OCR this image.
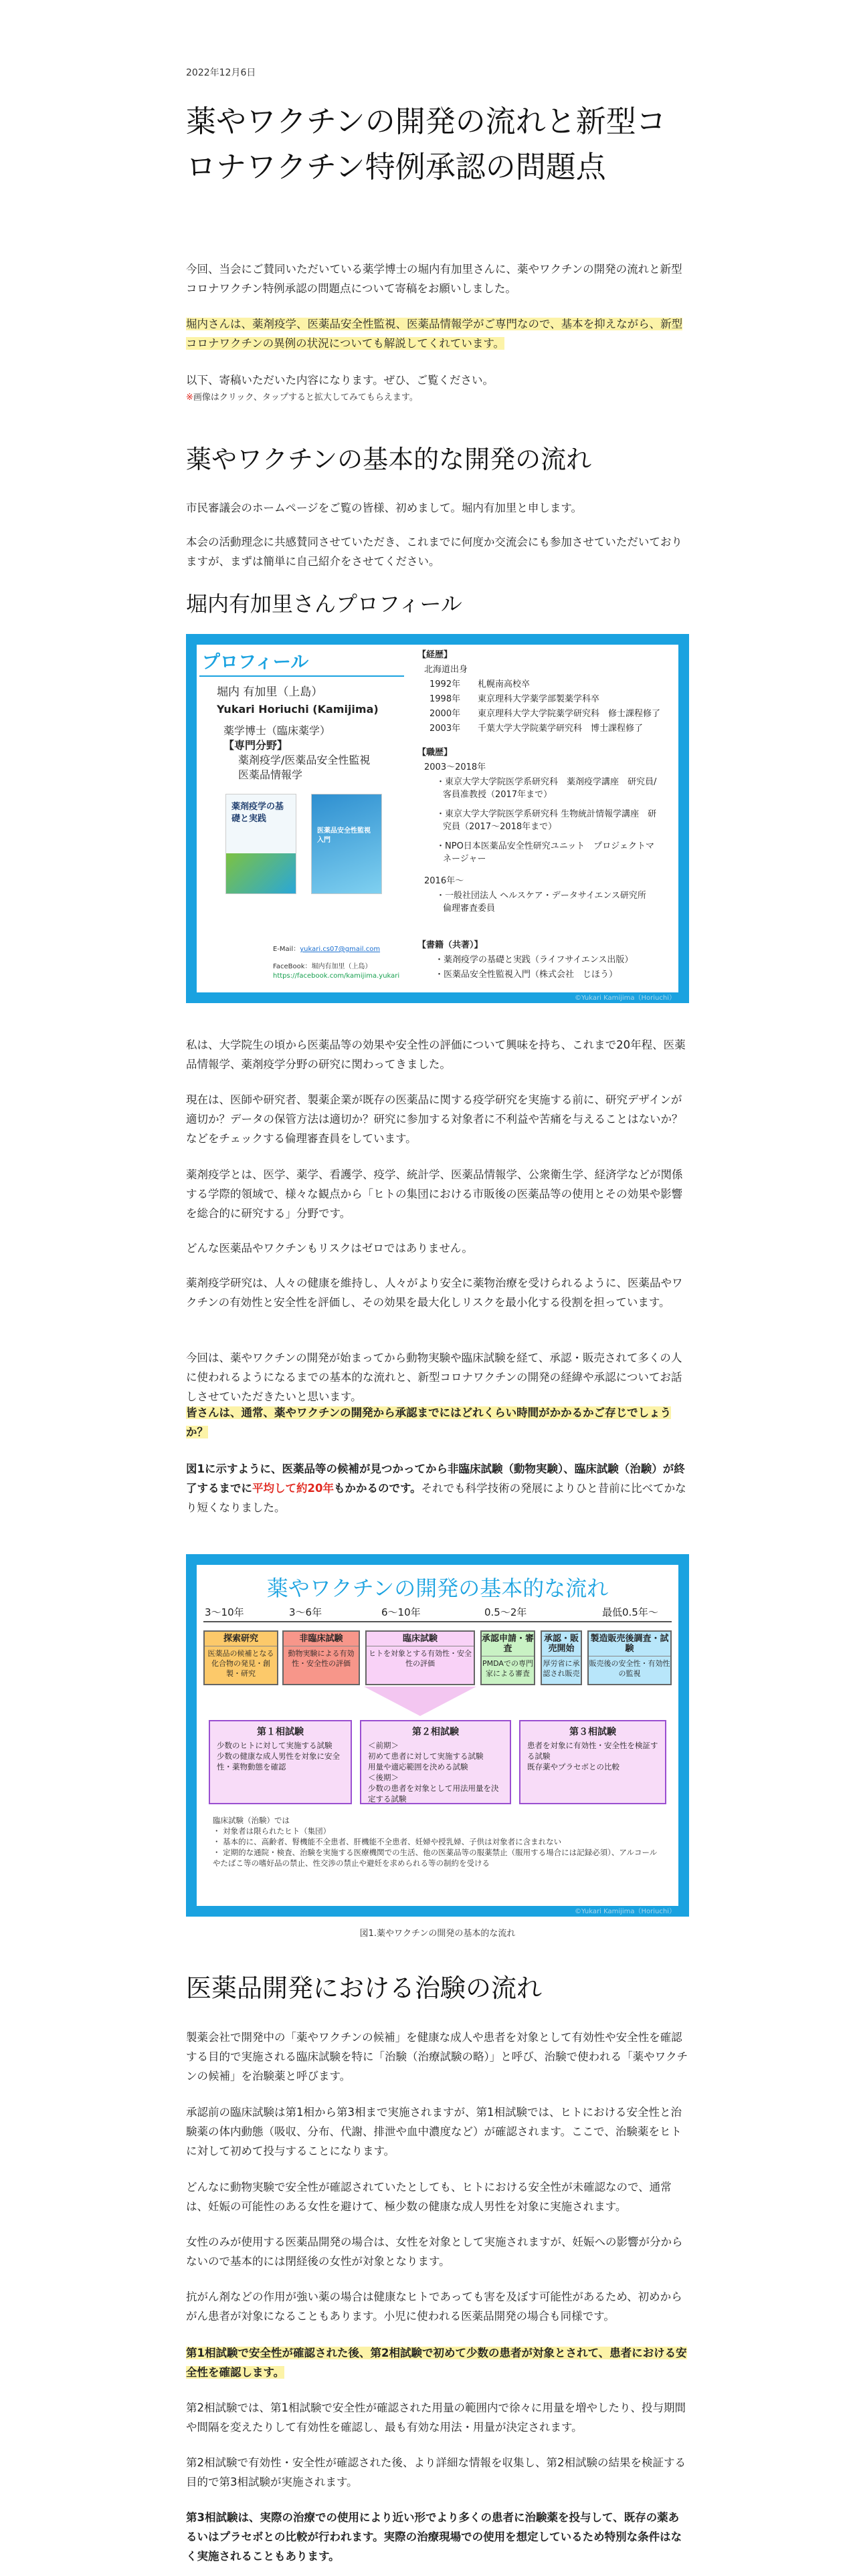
2022年12月6日
薬やワクチンの開発の流れと新型コロナワクチン特例承認の問題点

今回、当会にご賛同いただいている薬学博士の堀内有加里さんに、薬やワクチンの開発の流れと新型コロナワクチン特例承認の問題点について寄稿をお願いしました。

堀内さんは、薬剤疫学、医薬品安全性監視、医薬品情報学がご専門なので、基本を抑えながら、新型コロナワクチンの異例の状況についても解説してくれています。

以下、寄稿いただいた内容になります。ぜひ、ご覧ください。

※画像はクリック、タップすると拡大してみてもらえます。

薬やワクチンの基本的な開発の流れ

市民審議会のホームページをご覧の皆様、初めまして。堀内有加里と申します。

本会の活動理念に共感賛同させていただき、これまでに何度か交流会にも参加させていただいておりますが、まずは簡単に自己紹介をさせてください。

堀内有加里さんプロフィール
プロフィール
堀内 有加里（上島）
Yukari Horiuchi (Kamijima)
薬学博士（臨床薬学）
【専門分野】
薬剤疫学/医薬品安全性監視
医薬品情報学
薬剤疫学の基礎と実践
医薬品安全性監視入門
E-Mail：yukari.cs07@gmail.com
FaceBook：堀内有加里（上島）
https://facebook.com/kamijima.yukari
【経歴】
北海道出身
【職歴】
2003〜2018年
2016年〜
【書籍（共著）】
©Yukari Kamijima（Horiuchi）
1992年 札幌南高校卒
1998年 東京理科大学薬学部製薬学科卒
2000年 東京理科大学大学院薬学研究科　修士課程修了
2003年 千葉大学大学院薬学研究科　博士課程修了
・東京大学大学院医学系研究科　薬剤疫学講座　研究員/客員准教授（2017年まで）
・東京大学大学院医学系研究科 生物統計情報学講座　研究員（2017〜2018年まで）
・NPO日本医薬品安全性研究ユニット　プロジェクトマネージャー
・一般社団法人 ヘルスケア・データサイエンス研究所　倫理審査委員
・薬剤疫学の基礎と実践（ライフサイエンス出版）
・医薬品安全性監視入門（株式会社　じほう）

私は、大学院生の頃から医薬品等の効果や安全性の評価について興味を持ち、これまで20年程、医薬品情報学、薬剤疫学分野の研究に関わってきました。

現在は、医師や研究者、製薬企業が既存の医薬品に関する疫学研究を実施する前に、研究デザインが適切か？データの保管方法は適切か？研究に参加する対象者に不利益や苦痛を与えることはないか？などをチェックする倫理審査員をしています。

薬剤疫学とは、医学、薬学、看護学、疫学、統計学、医薬品情報学、公衆衛生学、経済学などが関係する学際的領域で、様々な観点から「ヒトの集団における市販後の医薬品等の使用とその効果や影響を総合的に研究する」分野です。

どんな医薬品やワクチンもリスクはゼロではありません。

薬剤疫学研究は、人々の健康を維持し、人々がより安全に薬物治療を受けられるように、医薬品やワクチンの有効性と安全性を評価し、その効果を最大化しリスクを最小化する役割を担っています。

今回は、薬やワクチンの開発が始まってから動物実験や臨床試験を経て、承認・販売されて多くの人に使われるようになるまでの基本的な流れと、新型コロナワクチンの開発の経緯や承認についてお話しさせていただきたいと思います。

皆さんは、通常、薬やワクチンの開発から承認までにはどれくらい時間がかかるかご存じでしょうか？

図1に示すように、医薬品等の候補が見つかってから非臨床試験（動物実験）、臨床試験（治験）が終了するまでに平均して約20年もかかるのです。それでも科学技術の発展によりひと昔前に比べてかなり短くなりました。

薬やワクチンの開発の基本的な流れ
3〜10年	3〜6年	6〜10年	0.5〜2年	最低0.5年〜
探索研究
医薬品の候補となる化合物の発見・創製・研究
非臨床試験
動物実験による有効性・安全性の評価
臨床試験
ヒトを対象とする有効性・安全性の評価
承認申請・審査
PMDAでの専門家による審査
承認・販売開始
厚労省に承認され販売
製造販売後調査・試験
販売後の安全性・有効性の監視
第１相試験
少数のヒトに対して実施する試験
少数の健康な成人男性を対象に安全性・薬物動態を確認
第２相試験
＜前期＞
初めて患者に対して実施する試験
用量や適応範囲を決める試験
＜後期＞
少数の患者を対象として用法用量を決定する試験
第３相試験
患者を対象に有効性・安全性を検証する試験
既存薬やプラセボとの比較
臨床試験（治験）では
・ 対象者は限られたヒト（集団）
・ 基本的に、高齢者、腎機能不全患者、肝機能不全患者、妊婦や授乳婦、子供は対象者に含まれない
・ 定期的な通院・検査、治験を実施する医療機関での生活、他の医薬品等の服薬禁止（服用する場合には記録必須）、アルコールやたばこ等の嗜好品の禁止、性交渉の禁止や避妊を求められる等の制約を受ける
©Yukari Kamijima（Horiuchi）
図1.薬やワクチンの開発の基本的な流れ
医薬品開発における治験の流れ

製薬会社で開発中の「薬やワクチンの候補」を健康な成人や患者を対象として有効性や安全性を確認する目的で実施される臨床試験を特に「治験（治療試験の略）」と呼び、治験で使われる「薬やワクチンの候補」を治験薬と呼びます。

承認前の臨床試験は第1相から第3相まで実施されますが、第1相試験では、ヒトにおける安全性と治験薬の体内動態（吸収、分布、代謝、排泄や血中濃度など）が確認されます。ここで、治験薬をヒトに対して初めて投与することになります。

どんなに動物実験で安全性が確認されていたとしても、ヒトにおける安全性が未確認なので、通常は、妊娠の可能性のある女性を避けて、極少数の健康な成人男性を対象に実施されます。

女性のみが使用する医薬品開発の場合は、女性を対象として実施されますが、妊娠への影響が分からないので基本的には閉経後の女性が対象となります。

抗がん剤などの作用が強い薬の場合は健康なヒトであっても害を及ぼす可能性があるため、初めからがん患者が対象になることもあります。小児に使われる医薬品開発の場合も同様です。

第1相試験で安全性が確認された後、第2相試験で初めて少数の患者が対象とされて、患者における安全性を確認します。

第2相試験では、第1相試験で安全性が確認された用量の範囲内で徐々に用量を増やしたり、投与期間や間隔を変えたりして有効性を確認し、最も有効な用法・用量が決定されます。

第2相試験で有効性・安全性が確認された後、より詳細な情報を収集し、第2相試験の結果を検証する目的で第3相試験が実施されます。

第3相試験は、実際の治療での使用により近い形でより多くの患者に治験薬を投与して、既存の薬あるいはプラセボとの比較が行われます。実際の治療現場での使用を想定しているため特別な条件はなく実施されることもあります。
